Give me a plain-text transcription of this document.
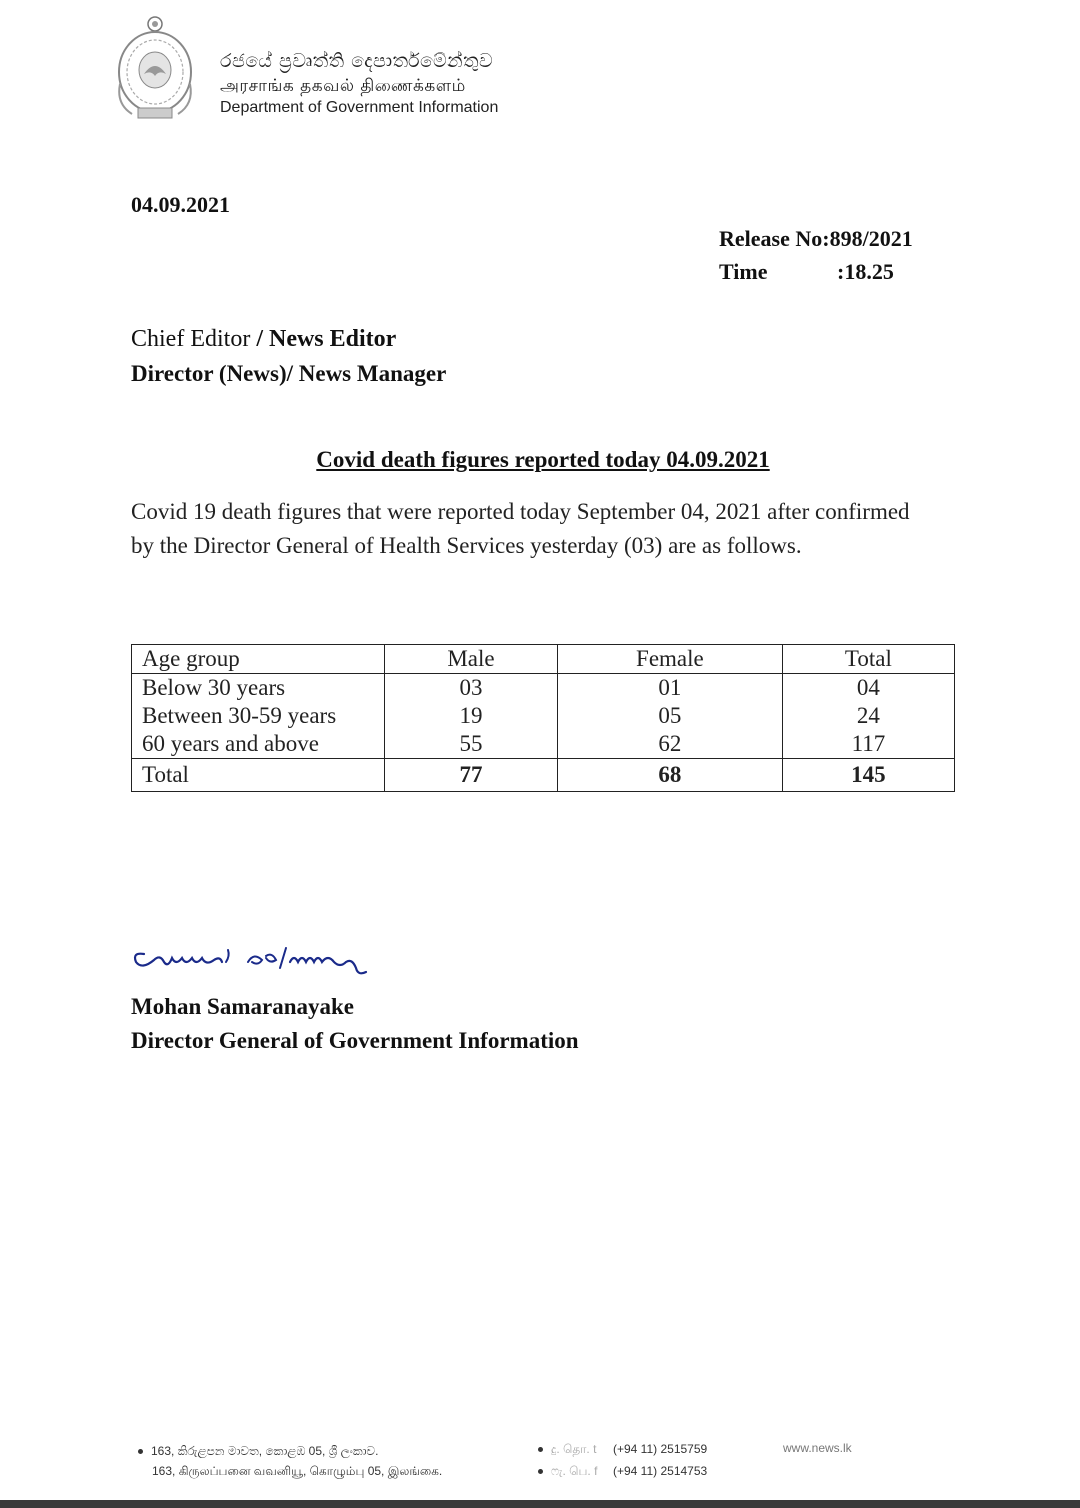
රජයේ ප්‍රවෘත්ති දෙපාර්තමේන්තුව
அரசாங்க தகவல் திணைக்களம்
Department of Government Information
04.09.2021
Release No:898/2021
Time	:18.25
Chief Editor / News Editor
Director (News)/ News Manager
Covid death figures reported today 04.09.2021
Covid 19 death figures that were reported today September 04, 2021 after confirmed by the Director General of Health Services yesterday (03) are as follows.
Age group	Male	Female	Total
Below 30 years	03	01	04
Between 30-59 years	19	05	24
60 years and above	55	62	117
Total	77	68	145
Mohan Samaranayake
Director General of Government Information
163, කිරුළපන මාවත, කොළඹ 05, ශ්‍රී ලංකාව.
163, கிருலப்பனை வவனியூ, கொழும்பு 05, இலங்கை.
දු. தொ. t (+94 11) 2515759
ෆැ. பெ. f (+94 11) 2514753
www.news.lk
